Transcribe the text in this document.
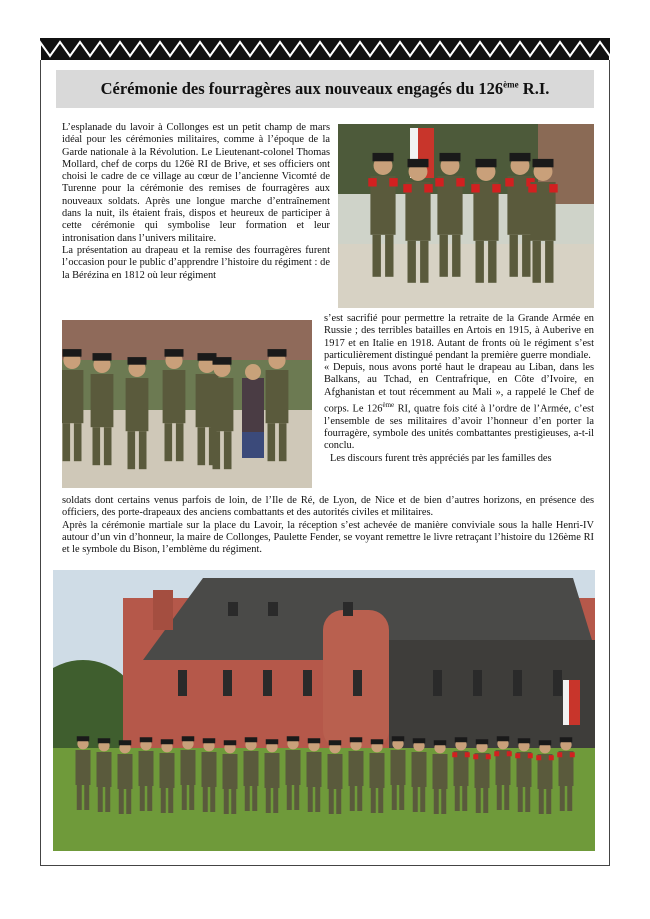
Cérémonie des fourragères aux nouveaux engagés du 126ème R.I.

L’esplanade du lavoir à Collonges est un petit champ de mars idéal pour les cérémonies militaires, comme à l’époque de la Garde nationale à la Révolution. Le Lieutenant-colonel Thomas Mollard, chef de corps du 126è RI de Brive, et ses officiers ont choisi le cadre de ce village au cœur de l’ancienne Vicomté de Turenne pour la cérémonie des remises de fourragères aux nouveaux soldats. Après une longue marche d’entraînement dans la nuit, ils étaient frais, dispos et heureux de participer à cette cérémonie qui symbolise leur formation et leur intronisation dans l’univers militaire.

La présentation au drapeau et la remise des fourragères furent l’occasion pour le public d’apprendre l’histoire du régiment : de la Bérézina en 1812 où leur régiment

s’est sacrifié pour permettre la retraite de la Grande Armée en Russie ; des terribles batailles en Artois en 1915, à Auberive en 1917 et en Italie en 1918. Autant de fronts où le régiment s’est particulièrement distingué pendant la première guerre mondiale.

« Depuis, nous avons porté haut le drapeau au Liban, dans les Balkans, au Tchad, en Centrafrique, en Côte d’Ivoire, en Afghanistan et tout récemment au Mali », a rappelé le Chef de corps. Le 126ème RI, quatre fois cité à l’ordre de l’Armée, c’est l’ensemble de ses militaires d’avoir l’honneur d’en porter la fourragère, symbole des unités combattantes prestigieuses, a-t-il conclu.

Les discours furent très appréciés par les familles des

soldats dont certains venus parfois de loin, de l’Ile de Ré, de Lyon, de Nice et de bien d’autres horizons, en présence des officiers, des porte-drapeaux des anciens combattants et des autorités civiles et militaires.

Après la cérémonie martiale sur la place du Lavoir, la réception s’est achevée de manière conviviale sous la halle Henri-IV autour d’un vin d’honneur, la maire de Collonges, Paulette Fender, se voyant remettre le livre retraçant l’histoire du 126ème RI et le symbole du Bison, l’emblème du régiment.
